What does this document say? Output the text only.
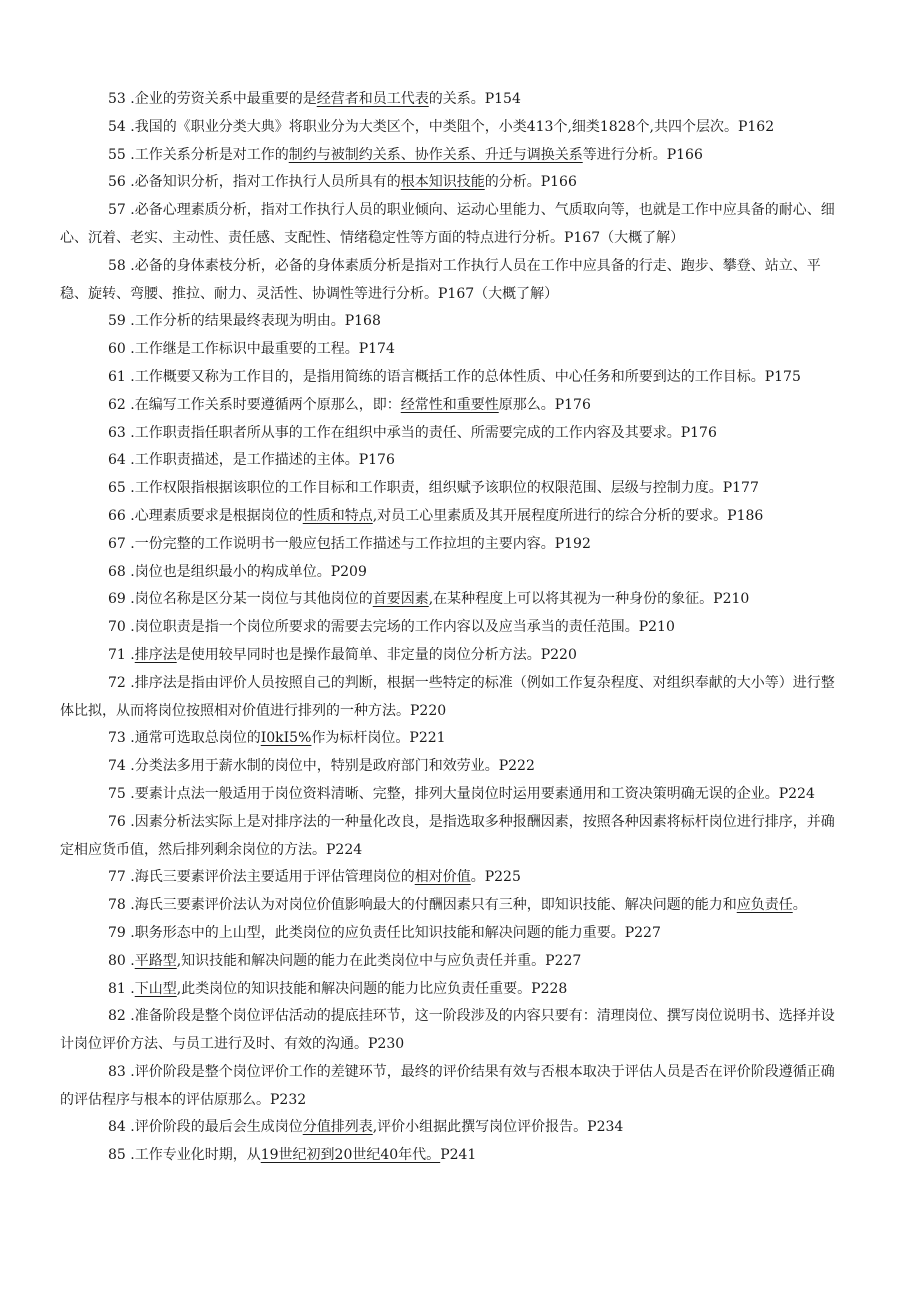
53 .企业的劳资关系中最重要的是经营者和员工代表的关系。P154

54 .我国的《职业分类大典》将职业分为大类区个，中类阻个，小类413个,细类1828个,共四个层次。P162

55 .工作关系分析是对工作的制约与被制约关系、协作关系、升迁与调换关系等进行分析。P166

56 .必备知识分析，指对工作执行人员所具有的根本知识技能的分析。P166

57 .必备心理素质分析，指对工作执行人员的职业倾向、运动心里能力、气质取向等，也就是工作中应具备的耐心、细心、沉着、老实、主动性、责任感、支配性、情绪稳定性等方面的特点进行分析。P167（大概了解）

58 .必备的身体素枝分析，必备的身体素质分析是指对工作执行人员在工作中应具备的行走、跑步、攀登、站立、平稳、旋转、弯腰、推拉、耐力、灵活性、协调性等进行分析。P167（大概了解）

59 .工作分析的结果最终表现为明由。P168

60 .工作继是工作标识中最重要的工程。P174

61 .工作概要又称为工作目的，是指用简练的语言概括工作的总体性质、中心任务和所要到达的工作目标。P175

62 .在编写工作关系时要遵循两个原那么，即：经常性和重要性原那么。P176

63 .工作职责指任职者所从事的工作在组织中承当的责任、所需要完成的工作内容及其要求。P176

64 .工作职责描述，是工作描述的主体。P176

65 .工作权限指根据该职位的工作目标和工作职责，组织赋予该职位的权限范围、层级与控制力度。P177

66 .心理素质要求是根据岗位的性质和特点,对员工心里素质及其开展程度所进行的综合分析的要求。P186

67 .一份完整的工作说明书一般应包括工作描述与工作拉坦的主要内容。P192

68 .岗位也是组织最小的构成单位。P209

69 .岗位名称是区分某一岗位与其他岗位的首要因素,在某种程度上可以将其视为一种身份的象征。P210

70 .岗位职责是指一个岗位所要求的需要去完场的工作内容以及应当承当的责任范围。P210

71 .排序法是使用较早同时也是操作最简单、非定量的岗位分析方法。P220

72 .排序法是指由评价人员按照自己的判断，根据一些特定的标准（例如工作复杂程度、对组织奉献的大小等）进行整体比拟，从而将岗位按照相对价值进行排列的一种方法。P220

73 .通常可选取总岗位的I0kI5%作为标杆岗位。P221

74 .分类法多用于薪水制的岗位中，特别是政府部门和效劳业。P222

75 .要素计点法一般适用于岗位资料清晰、完整，排列大量岗位时运用要素通用和工资决策明确无误的企业。P224

76 .因素分析法实际上是对排序法的一种量化改良，是指选取多种报酬因素，按照各种因素将标杆岗位进行排序，并确定相应货币值，然后排列剩余岗位的方法。P224

77 .海氏三要素评价法主要适用于评估管理岗位的相对价值。P225

78 .海氏三要素评价法认为对岗位价值影响最大的付酬因素只有三种，即知识技能、解决问题的能力和应负责任。

79 .职务形态中的上山型，此类岗位的应负责任比知识技能和解决问题的能力重要。P227

80 .平路型,知识技能和解决问题的能力在此类岗位中与应负责任并重。P227

81 .下山型,此类岗位的知识技能和解决问题的能力比应负责任重要。P228

82 .准备阶段是整个岗位评估活动的提底挂环节，这一阶段涉及的内容只要有：清理岗位、撰写岗位说明书、选择并设计岗位评价方法、与员工进行及时、有效的沟通。P230

83 .评价阶段是整个岗位评价工作的差键环节，最终的评价结果有效与否根本取决于评估人员是否在评价阶段遵循正确的评估程序与根本的评估原那么。P232

84 .评价阶段的最后会生成岗位分值排列表,评价小组据此撰写岗位评价报告。P234

85 .工作专业化时期，从19世纪初到20世纪40年代。P241
